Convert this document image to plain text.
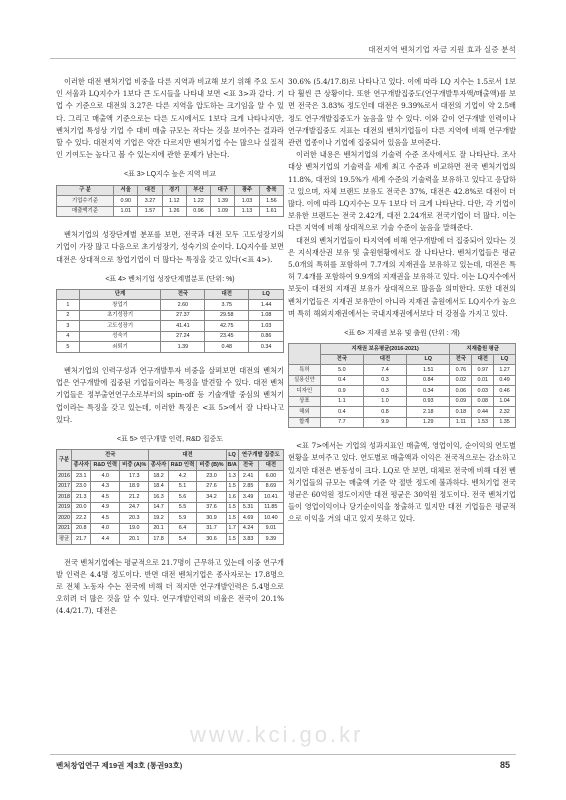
대전지역 벤처기업 자금 지원 효과 실증 분석

이러한 대전 벤처기업 비중을 다른 지역과 비교해 보기 위해 주요 도시인 서울과 LQ지수가 1보다 큰 도시들을 나타내 보면 <표 3>과 같다. 기업 수 기준으로 대전의 3.27은 다른 지역을 압도하는 크기임을 알 수 있다. 그리고 매출액 기준으로는 다른 도시에서도 1보다 크게 나타나지만, 벤처기업 특성상 기업 수 대비 매출 규모는 작다는 것을 보여주는 결과라 할 수 있다. 대전지역 기업은 약간 다르지만 벤처기업 수는 많으나 실질적인 기여도는 높다고 볼 수 있는지에 관한 문제가 남는다.

<표 3> LQ지수 높은 지역 비교
구 분	서울	대전	경기	부산	대구	광주	충북
기업수기준	0.90	3.27	1.12	1.22	1.39	1.03	1.56
매출액기준	1.01	1.57	1.26	0.96	1.09	1.13	1.61

벤처기업의 성장단계별 분포를 보면, 전국과 대전 모두 고도성장기의 기업이 가장 많고 다음으로 초기성장기, 성숙기의 순이다. LQ지수를 보면 대전은 상대적으로 창업기업이 더 많다는 특징을 갖고 있다(<표 4>).

<표 4> 벤처기업 성장단계별분포 (단위: %)
	단계	전국	대전	LQ
1	창업기	2.60	3.75	1.44
2	초기성장기	27.37	29.58	1.08
3	고도성장기	41.41	42.75	1.03
4	성숙기	27.24	23.45	0.86
5	쇠퇴기	1.39	0.48	0.34

벤처기업의 인력구성과 연구개발투자 비중을 살펴보면 대전의 벤처기업은 연구개발에 집중된 기업들이라는 특징을 발견할 수 있다. 대전 벤처기업들은 정부출연연구소로부터의 spin-off 등 기술개발 중심의 벤처기업이라는 특징을 갖고 있는데, 이러한 특징은 <표 5>에서 잘 나타나고 있다.

<표 5> 연구개발 인력, R&D 집중도
구분	전국			대전			LQ	연구개발 집중도	
	종사자	R&D 인력	비중 (A)%	종사자	R&D 인력	비중 (B)%	B/A	전국	대전
2016	23.1	4.0	17.3	18.2	4.2	23.0	1.3	2.41	6.00
2017	23.0	4.3	18.9	18.4	5.1	27.6	1.5	2.85	8.69
2018	21.3	4.5	21.2	16.3	5.6	34.2	1.6	3.49	10.41
2019	20.0	4.9	24.7	14.7	5.5	37.6	1.5	5.31	11.85
2020	22.2	4.5	20.3	19.2	5.9	30.9	1.5	4.69	10.40
2021	20.8	4.0	19.0	20.1	6.4	31.7	1.7	4.24	9.01
평균	21.7	4.4	20.1	17.8	5.4	30.6	1.5	3.83	9.39

전국 벤처기업에는 평균적으로 21.7명이 근무하고 있는데 이중 연구개발 인력은 4.4명 정도이다. 반면 대전 벤처기업은 종사자로는 17.8명으로 전체 노동자 수는 전국에 비해 더 적지만 연구개발인력은 5.4명으로 오히려 더 많은 것을 알 수 있다. 연구개발인력의 비율은 전국이 20.1%(4.4/21.7), 대전은

30.6% (5.4/17.8)로 나타나고 있다. 이에 따라 LQ 지수는 1.5로서 1보다 훨씬 큰 상황이다. 또한 연구개발집중도(연구개발투자액/매출액)를 보면 전국은 3.83% 정도인데 대전은 9.39%로서 대전의 기업이 약 2.5배 정도 연구개발집중도가 높음을 알 수 있다. 이와 같이 연구개발 인력이나 연구개발집중도 지표는 대전의 벤처기업들이 다른 지역에 비해 연구개발 관련 업종이나 기업에 집중되어 있음을 보여준다.

이러한 내용은 벤처기업의 기술력 수준 조사에서도 잘 나타난다. 조사대상 벤처기업의 기술력을 세계 최고 수준과 비교하면 전국 벤처기업의 11.8%, 대전의 19.5%가 세계 수준의 기술력을 보유하고 있다고 응답하고 있으며, 자체 브랜드 보유도 전국은 37%, 대전은 42.8%로 대전이 더 많다. 이에 따라 LQ지수는 모두 1보다 더 크게 나타난다. 다만, 각 기업이 보유한 브랜드는 전국 2.42개, 대전 2.24개로 전국기업이 더 많다. 이는 다른 지역에 비해 상대적으로 기술 수준이 높음을 말해준다.

대전의 벤처기업들이 타지역에 비해 연구개발에 더 집중되어 있다는 것은 지식재산권 보유 및 출원현황에서도 잘 나타난다. 벤처기업들은 평균 5.0개의 특허를 포함하여 7.7개의 지재권을 보유하고 있는데, 대전은 특허 7.4개를 포함하여 9.9개의 지재권을 보유하고 있다. 이는 LQ지수에서 보듯이 대전의 지재권 보유가 상대적으로 많음을 의미한다. 또한 대전의 벤처기업들은 지재권 보유만이 아니라 지재권 출원에서도 LQ지수가 높으며 특히 해외지재권에서는 국내지재권에서보다 더 강점을 가지고 있다.

<표 6> 지재권 보유 및 출원 (단위 : 개)
	지재권 보유평균(2016-2021)			지재출원 평균		
	전국	대전	LQ	전국	대전	LQ
특허	5.0	7.4	1.51	0.76	0.97	1.27
실용신안	0.4	0.3	0.84	0.02	0.01	0.49
디자인	0.9	0.3	0.34	0.06	0.03	0.46
상표	1.1	1.0	0.93	0.09	0.08	1.04
해외	0.4	0.8	2.18	0.18	0.44	2.32
합계	7.7	9.9	1.29	1.11	1.53	1.35

<표 7>에서는 기업의 성과지표인 매출액, 영업이익, 순이익의 연도별 현황을 보여주고 있다. 연도별로 매출액과 이익은 전국적으로는 감소하고 있지만 대전은 변동성이 크다. LQ로 만 보면, 대체로 전국에 비해 대전 벤처기업들의 규모는 매출액 기준 약 절반 정도에 불과하다. 벤처기업 전국 평균은 60억원 정도이지만 대전 평균은 30억원 정도이다. 전국 벤처기업들이 영업이익이나 당기순이익을 창출하고 있지만 대전 기업들은 평균적으로 이익을 거의 내고 있지 못하고 있다.

www.kci.go.kr
벤처창업연구 제19권 제3호 (통권93호)	85
